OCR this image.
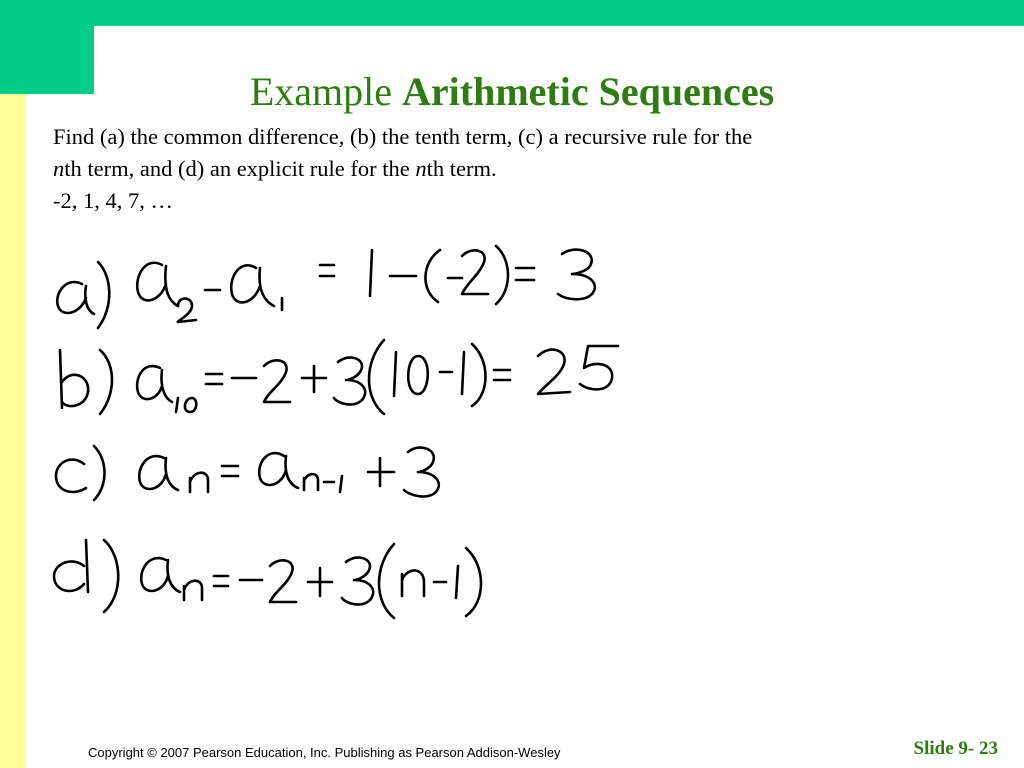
Example Arithmetic Sequences

Find (a) the common difference, (b) the tenth term, (c) a recursive rule for the

nth term, and (d) an explicit rule for the nth term.

-2, 1, 4, 7, …

Copyright © 2007 Pearson Education, Inc. Publishing as Pearson Addison-Wesley	Slide 9- 23
